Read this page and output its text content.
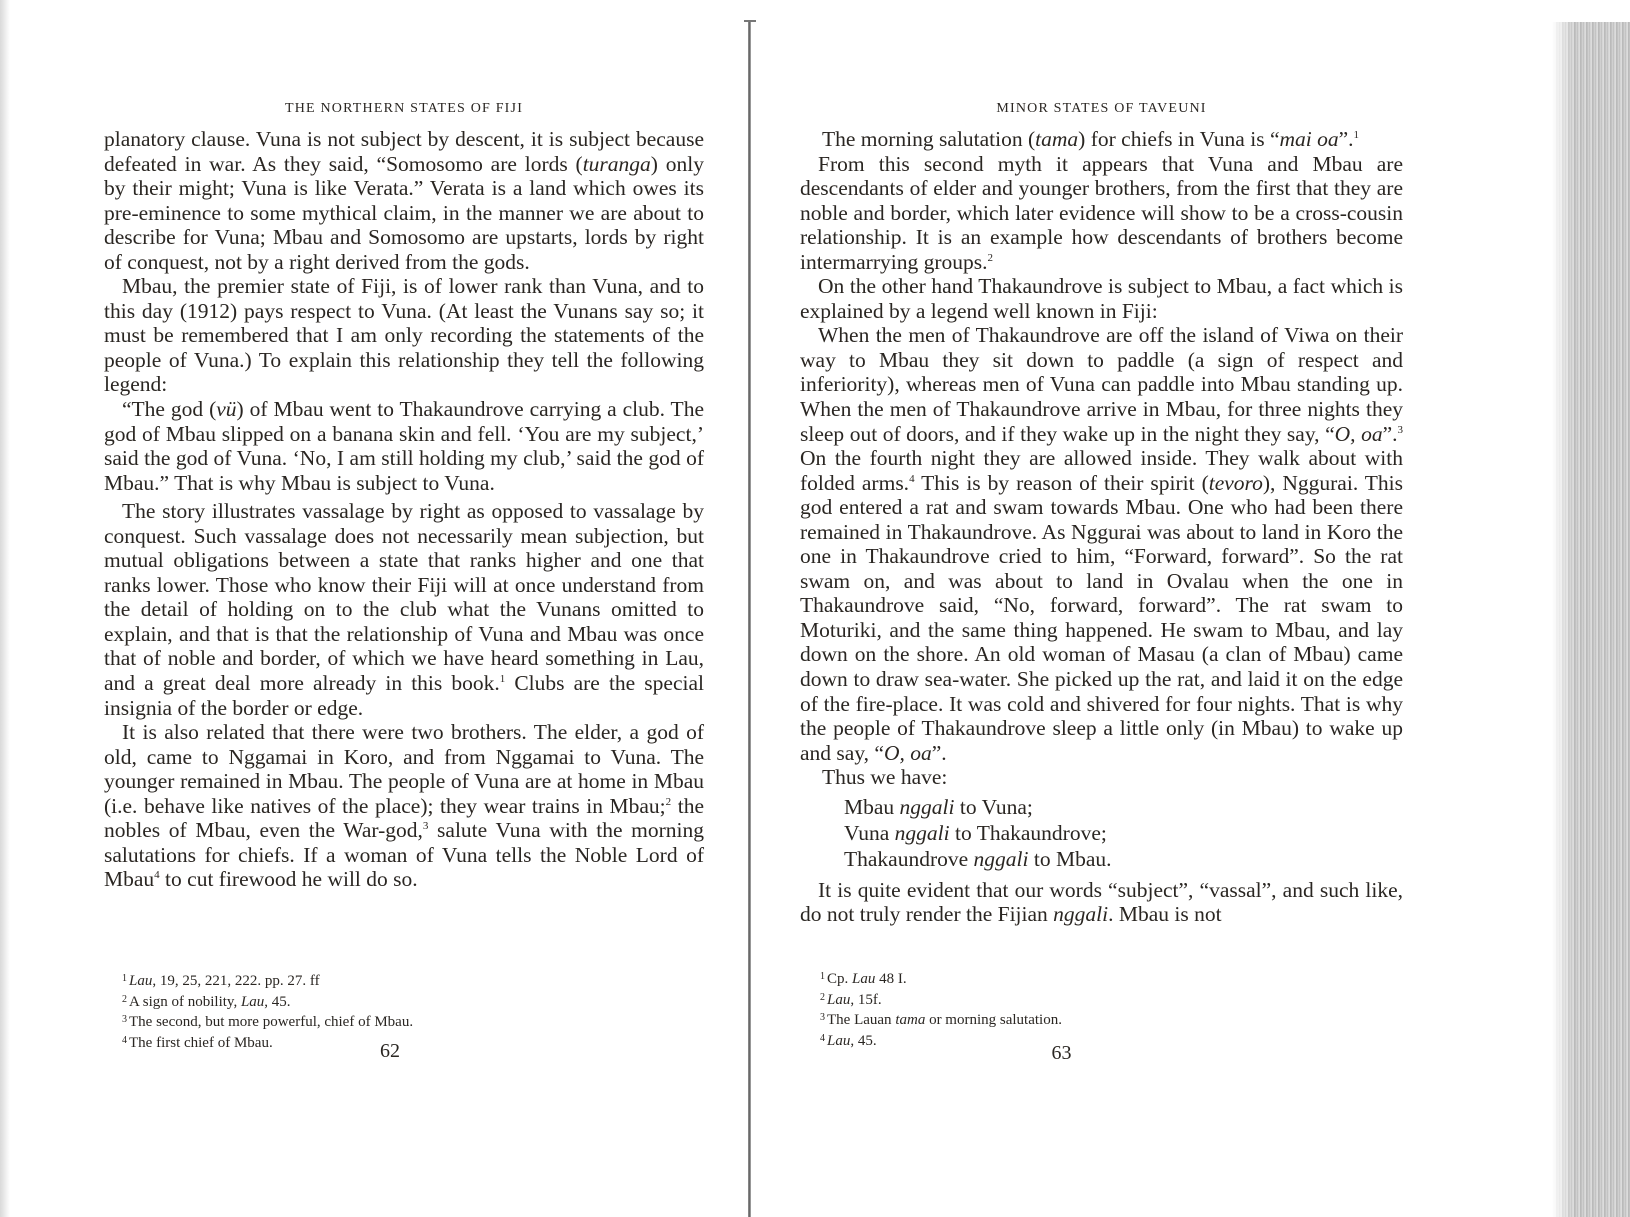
THE NORTHERN STATES OF FIJI

planatory clause. Vuna is not subject by descent, it is subject because defeated in war. As they said, “Somosomo are lords (turanga) only by their might; Vuna is like Verata.” Verata is a land which owes its pre-eminence to some mythical claim, in the manner we are about to describe for Vuna; Mbau and Somosomo are upstarts, lords by right of conquest, not by a right derived from the gods.

Mbau, the premier state of Fiji, is of lower rank than Vuna, and to this day (1912) pays respect to Vuna. (At least the Vunans say so; it must be remembered that I am only recording the statements of the people of Vuna.) To explain this relationship they tell the following legend:

“The god (vü) of Mbau went to Thakaundrove carrying a club. The god of Mbau slipped on a banana skin and fell. ‘You are my subject,’ said the god of Vuna. ‘No, I am still holding my club,’ said the god of Mbau.” That is why Mbau is subject to Vuna.

The story illustrates vassalage by right as opposed to vassalage by conquest. Such vassalage does not necessarily mean subjection, but mutual obligations between a state that ranks higher and one that ranks lower. Those who know their Fiji will at once understand from the detail of holding on to the club what the Vunans omitted to explain, and that is that the relationship of Vuna and Mbau was once that of noble and border, of which we have heard something in Lau, and a great deal more already in this book.$^1$ Clubs are the special insignia of the border or edge.

It is also related that there were two brothers. The elder, a god of old, came to Nggamai in Koro, and from Nggamai to Vuna. The younger remained in Mbau. The people of Vuna are at home in Mbau (i.e. behave like natives of the place); they wear trains in Mbau;$^2$ the nobles of Mbau, even the War-god,$^3$ salute Vuna with the morning salutations for chiefs. If a woman of Vuna tells the Noble Lord of Mbau$^4$ to cut firewood he will do so.

$^1$ Lau, 19, 25, 221, 222. pp. 27. ff
$^2$ A sign of nobility, Lau, 45.
$^3$ The second, but more powerful, chief of Mbau.
$^4$ The first chief of Mbau.	62
MINOR STATES OF TAVEUNI

The morning salutation (tama) for chiefs in Vuna is “mai oa”.$^1$

From this second myth it appears that Vuna and Mbau are descendants of elder and younger brothers, from the first that they are noble and border, which later evidence will show to be a cross-cousin relationship. It is an example how descendants of brothers become intermarrying groups.$^2$

On the other hand Thakaundrove is subject to Mbau, a fact which is explained by a legend well known in Fiji:

When the men of Thakaundrove are off the island of Viwa on their way to Mbau they sit down to paddle (a sign of respect and inferiority), whereas men of Vuna can paddle into Mbau standing up. When the men of Thakaundrove arrive in Mbau, for three nights they sleep out of doors, and if they wake up in the night they say, “O, oa”.$^3$ On the fourth night they are allowed inside. They walk about with folded arms.$^4$ This is by reason of their spirit (tevoro), Nggurai. This god entered a rat and swam towards Mbau. One who had been there remained in Thakaundrove. As Nggurai was about to land in Koro the one in Thakaundrove cried to him, “Forward, forward”. So the rat swam on, and was about to land in Ovalau when the one in Thakaundrove said, “No, forward, forward”. The rat swam to Moturiki, and the same thing happened. He swam to Mbau, and lay down on the shore. An old woman of Masau (a clan of Mbau) came down to draw sea-water. She picked up the rat, and laid it on the edge of the fire-place. It was cold and shivered for four nights. That is why the people of Thakaundrove sleep a little only (in Mbau) to wake up and say, “O, oa”.

Thus we have:

Mbau nggali to Vuna;
Vuna nggali to Thakaundrove;
Thakaundrove nggali to Mbau.

It is quite evident that our words “subject”, “vassal”, and such like, do not truly render the Fijian nggali. Mbau is not

$^1$ Cp. Lau 48 I.
$^2$ Lau, 15f.
$^3$ The Lauan tama or morning salutation.
$^4$ Lau, 45.
63
